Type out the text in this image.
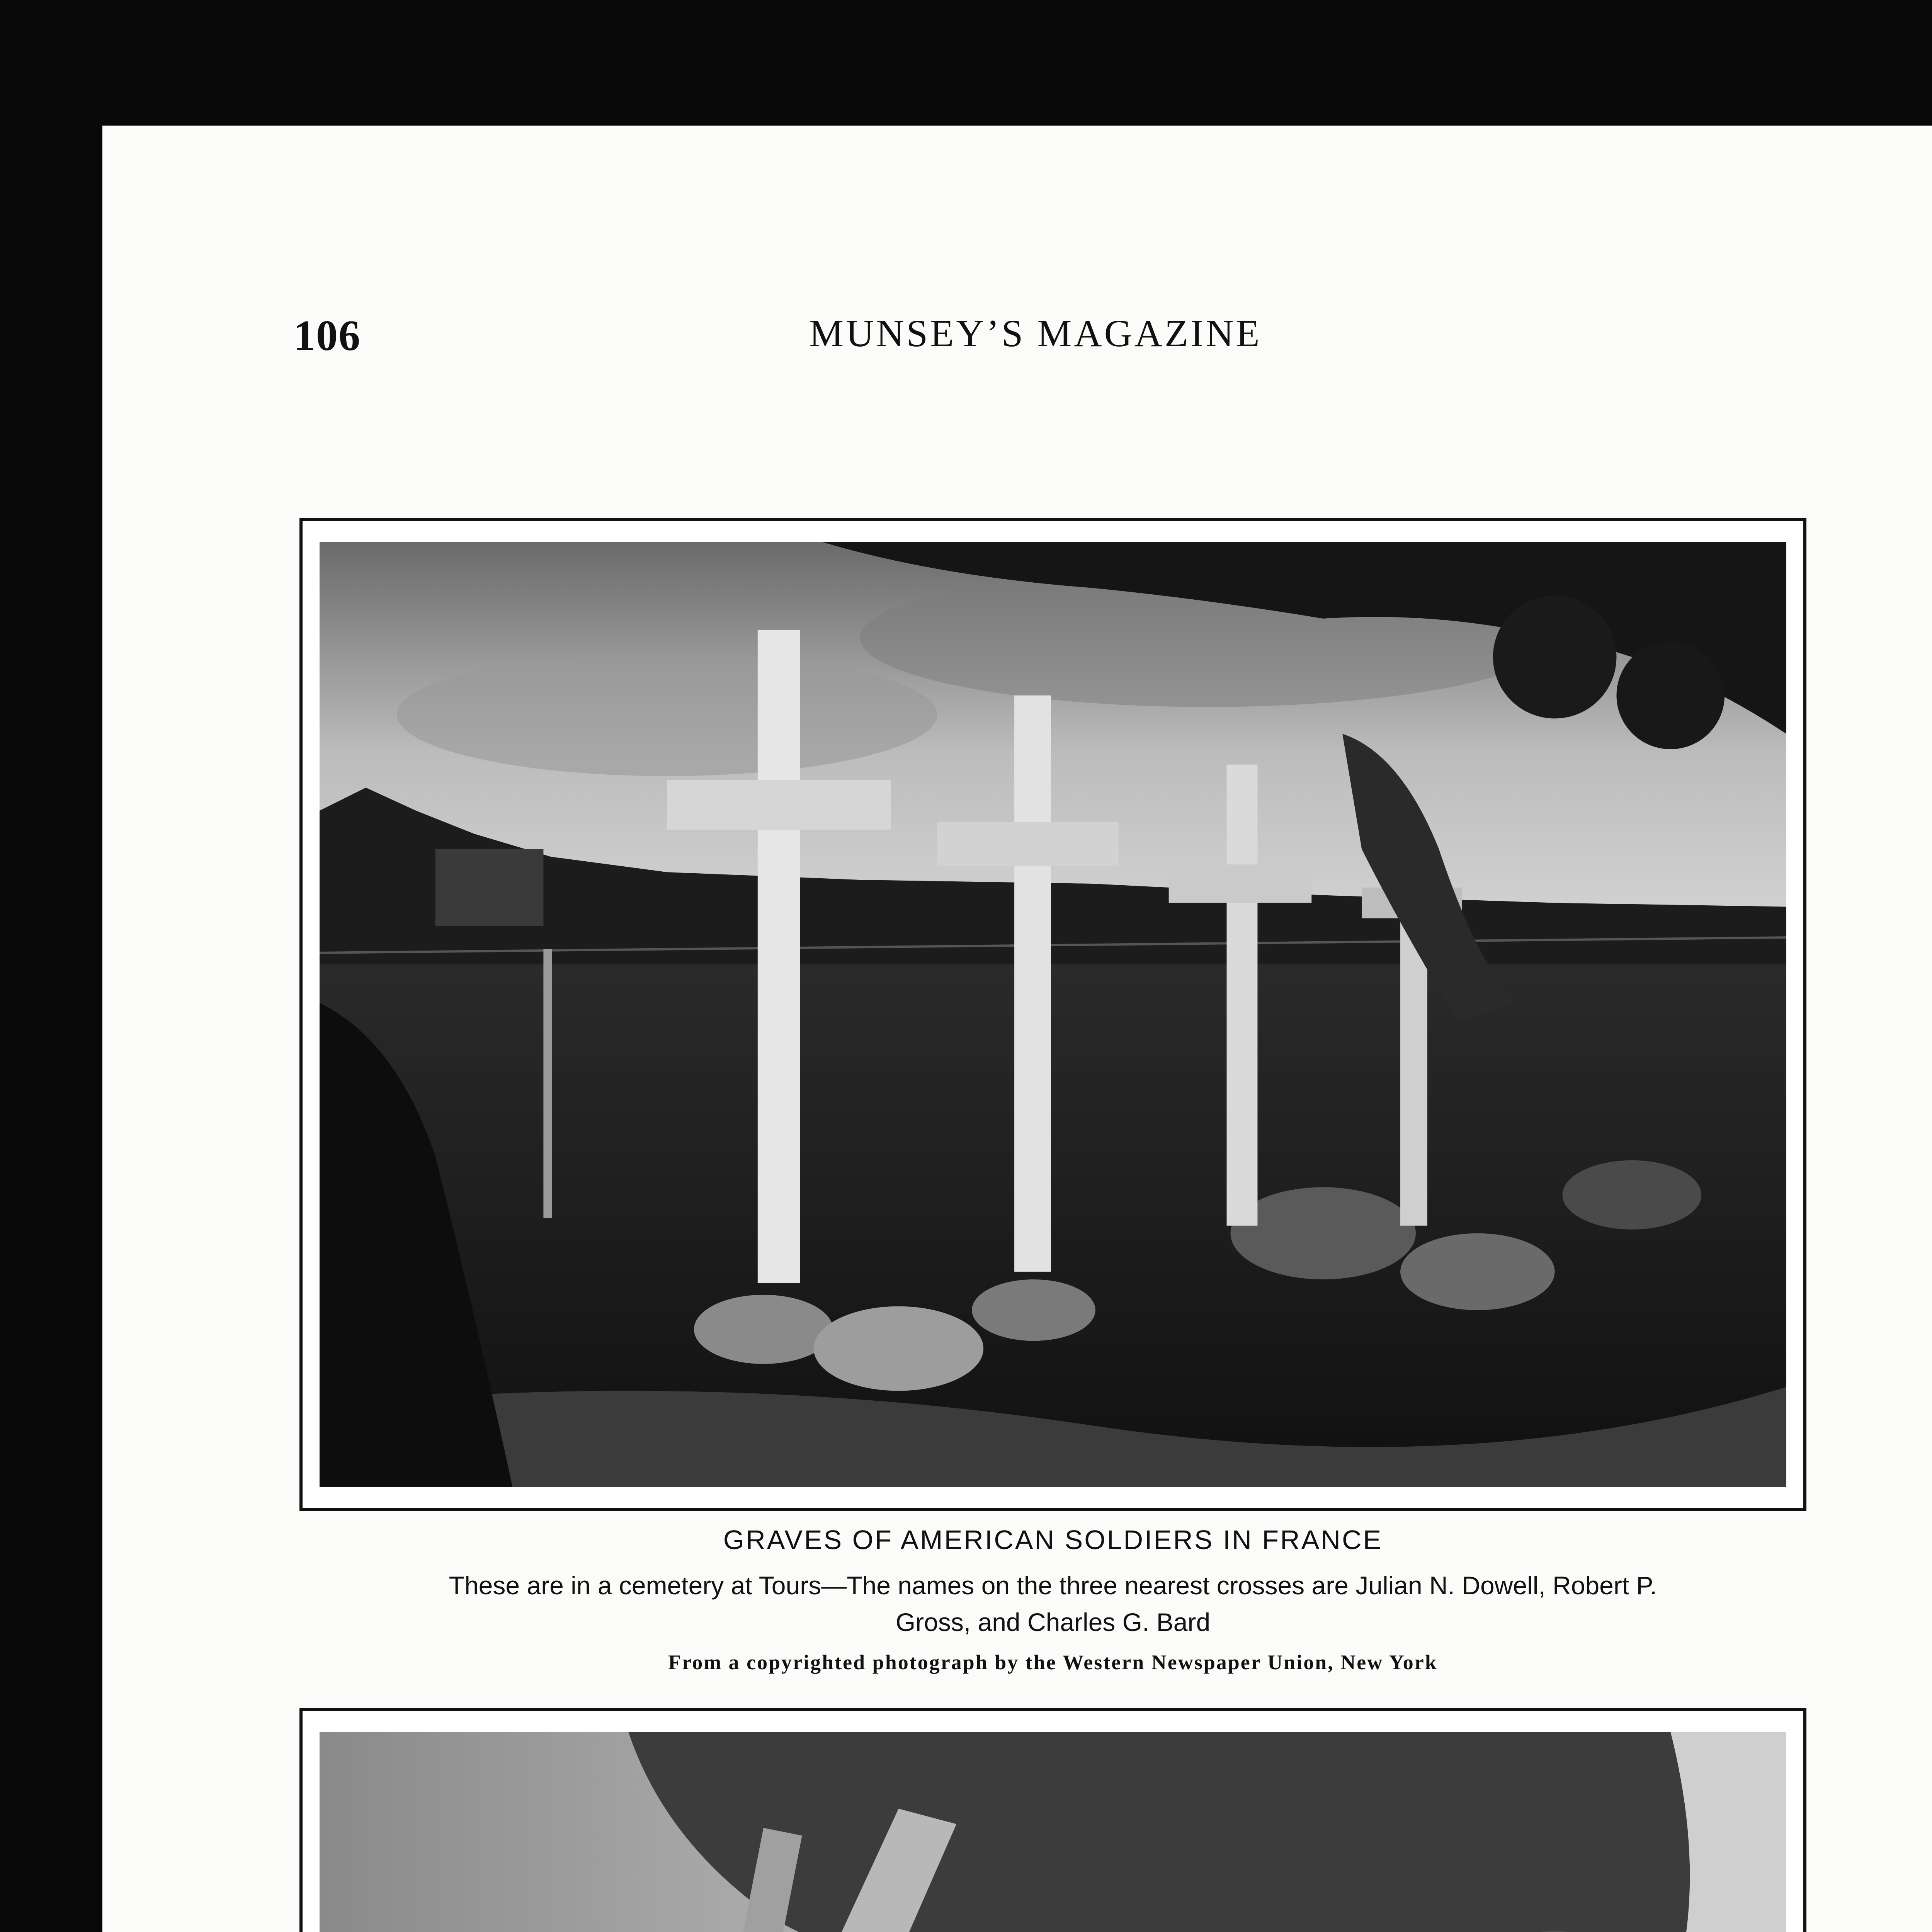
106	MUNSEY’S MAGAZINE
GRAVES OF AMERICAN SOLDIERS IN FRANCE
These are in a cemetery at Tours—The names on the three nearest crosses are Julian N. Dowell, Robert P. Gross, and Charles G. Bard
From a copyrighted photograph by the Western Newspaper Union, New York
